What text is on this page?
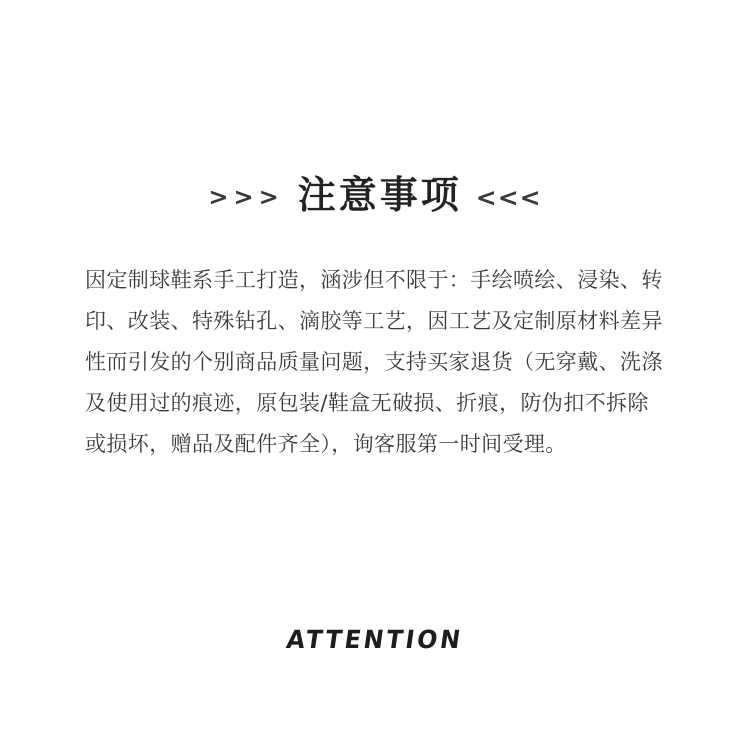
>>> 注意事项 <<<
因定制球鞋系手工打造，涵涉但不限于：手绘喷绘、浸染、转印、改装、特殊钻孔、滴胶等工艺，因工艺及定制原材料差异性而引发的个别商品质量问题，支持买家退货（无穿戴、洗涤及使用过的痕迹，原包装/鞋盒无破损、折痕，防伪扣不拆除或损坏，赠品及配件齐全），询客服第一时间受理。
ATTENTION
